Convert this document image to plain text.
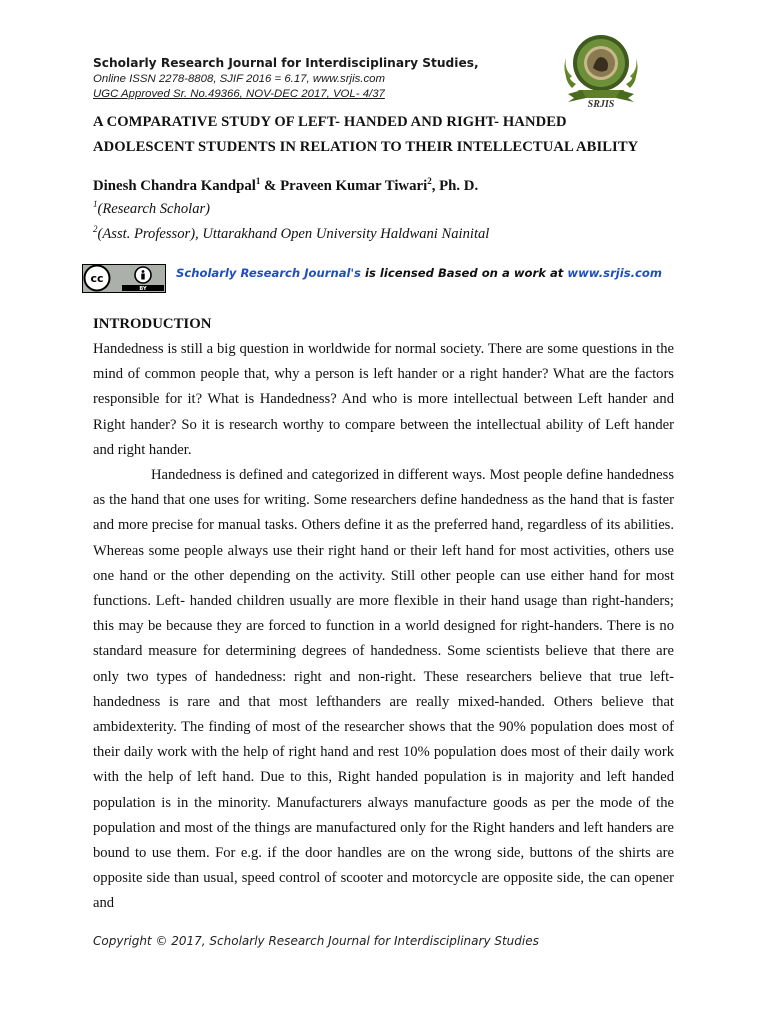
Scholarly Research Journal for Interdisciplinary Studies,
Online ISSN 2278-8808, SJIF 2016 = 6.17, www.srjis.com
UGC Approved Sr. No.49366, NOV-DEC 2017, VOL- 4/37
SRJIS
A COMPARATIVE STUDY OF LEFT- HANDED AND RIGHT- HANDED
ADOLESCENT STUDENTS IN RELATION TO THEIR INTELLECTUAL ABILITY
Dinesh Chandra Kandpal$^1$ & Praveen Kumar Tiwari$^2$, Ph. D.
$^1$(Research Scholar)
$^2$(Asst. Professor), Uttarakhand Open University Haldwani Nainital
BY
cc	Scholarly Research Journal's is licensed Based on a work at www.srjis.com
INTRODUCTION
Handedness is still a big question in worldwide for normal society. There are some questions in the mind of common people that, why a person is left hander or a right hander? What are the factors responsible for it? What is Handedness? And who is more intellectual between Left hander and Right hander? So it is research worthy to compare between the intellectual ability of Left hander and right hander.
Handedness is defined and categorized in different ways. Most people define handedness as the hand that one uses for writing. Some researchers define handedness as the hand that is faster and more precise for manual tasks. Others define it as the preferred hand, regardless of its abilities. Whereas some people always use their right hand or their left hand for most activities, others use one hand or the other depending on the activity. Still other people can use either hand for most functions. Left- handed children usually are more flexible in their hand usage than right-handers; this may be because they are forced to function in a world designed for right-handers. There is no standard measure for determining degrees of handedness. Some scientists believe that there are only two types of handedness: right and non-right. These researchers believe that true left-handedness is rare and that most lefthanders are really mixed-handed. Others believe that ambidexterity. The finding of most of the researcher shows that the 90% population does most of their daily work with the help of right hand and rest 10% population does most of their daily work with the help of left hand. Due to this, Right handed population is in majority and left handed population is in the minority. Manufacturers always manufacture goods as per the mode of the population and most of the things are manufactured only for the Right handers and left handers are bound to use them. For e.g. if the door handles are on the wrong side, buttons of the shirts are opposite side than usual, speed control of scooter and motorcycle are opposite side, the can opener and
Copyright © 2017, Scholarly Research Journal for Interdisciplinary Studies
